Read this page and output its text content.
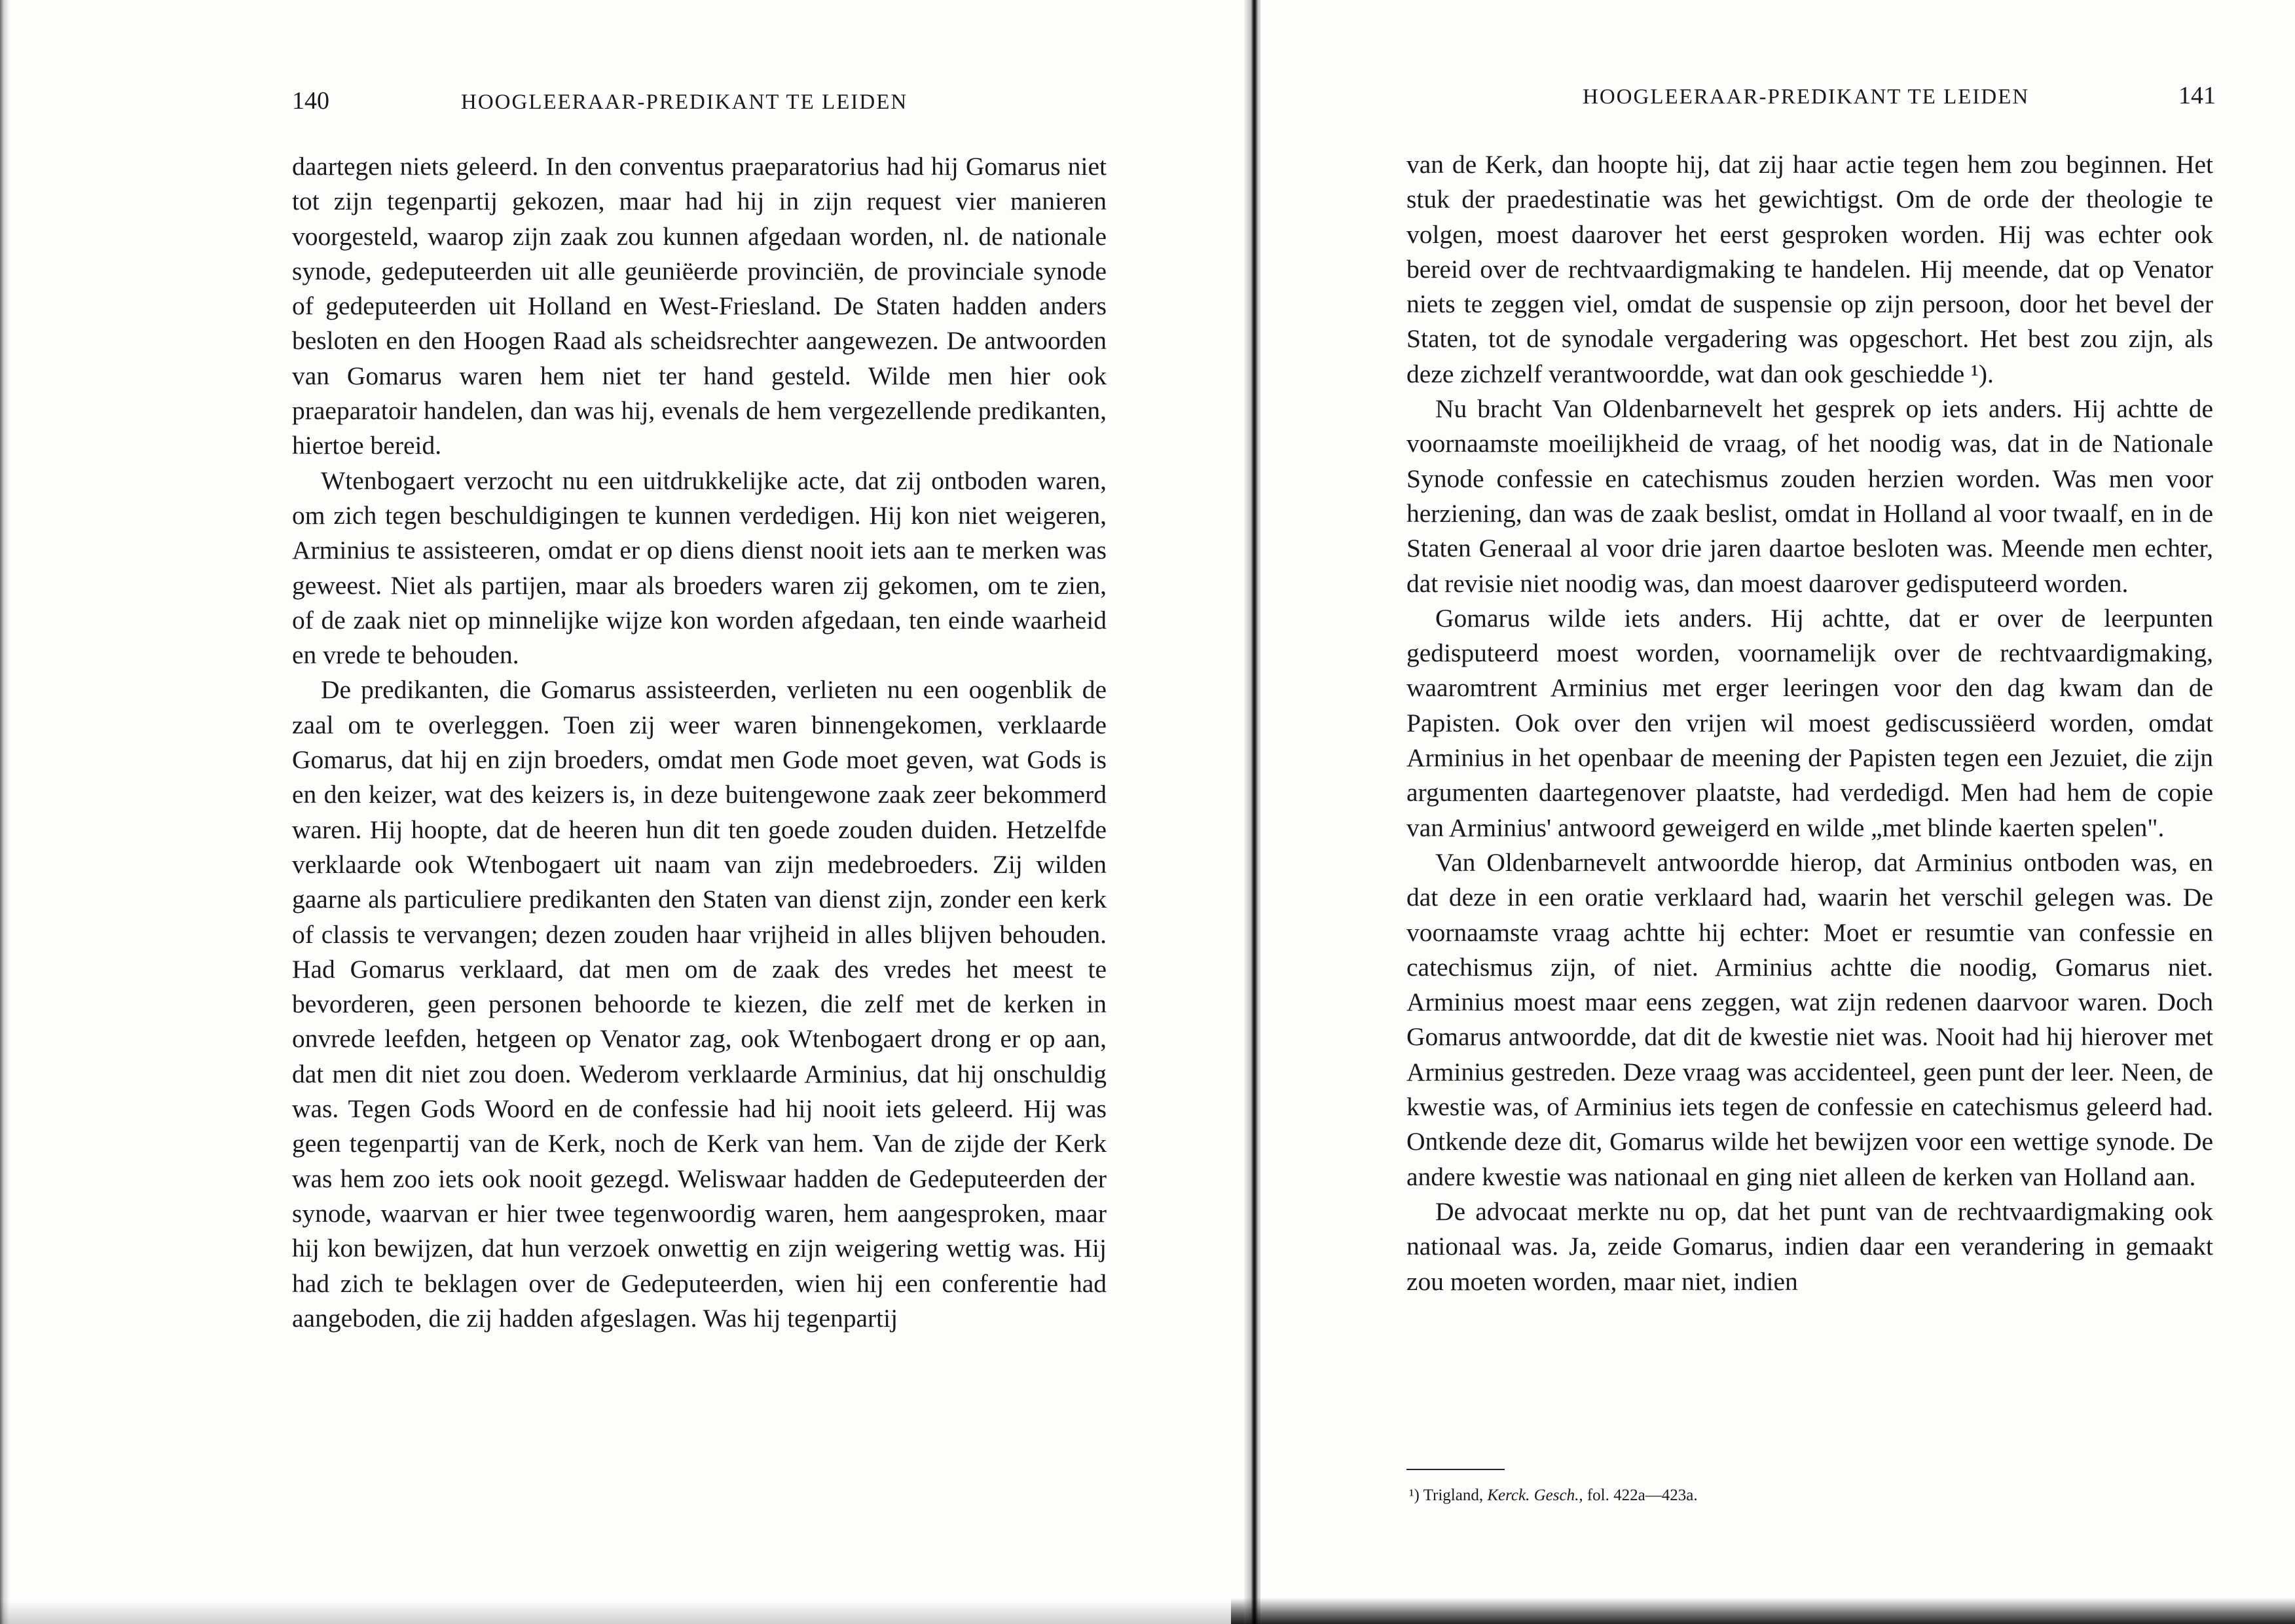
140	HOOGLEERAAR-PREDIKANT TE LEIDEN

daartegen niets geleerd. In den conventus praeparatorius had hij Gomarus niet tot zijn tegenpartij gekozen, maar had hij in zijn request vier manieren voorgesteld, waarop zijn zaak zou kunnen afgedaan worden, nl. de nationale synode, gedeputeerden uit alle geuniëerde provinciën, de provinciale synode of gedeputeerden uit Holland en West-Friesland. De Staten hadden anders besloten en den Hoogen Raad als scheidsrechter aangewezen. De antwoorden van Gomarus waren hem niet ter hand gesteld. Wilde men hier ook praeparatoir handelen, dan was hij, evenals de hem vergezellende predikanten, hiertoe bereid.

Wtenbogaert verzocht nu een uitdrukkelijke acte, dat zij ontboden waren, om zich tegen beschuldigingen te kunnen verdedigen. Hij kon niet weigeren, Arminius te assisteeren, omdat er op diens dienst nooit iets aan te merken was geweest. Niet als partijen, maar als broeders waren zij gekomen, om te zien, of de zaak niet op minnelijke wijze kon worden afgedaan, ten einde waarheid en vrede te behouden.

De predikanten, die Gomarus assisteerden, verlieten nu een oogenblik de zaal om te overleggen. Toen zij weer waren binnengekomen, verklaarde Gomarus, dat hij en zijn broeders, omdat men Gode moet geven, wat Gods is en den keizer, wat des keizers is, in deze buitengewone zaak zeer bekommerd waren. Hij hoopte, dat de heeren hun dit ten goede zouden duiden. Hetzelfde verklaarde ook Wtenbogaert uit naam van zijn medebroeders. Zij wilden gaarne als particuliere predikanten den Staten van dienst zijn, zonder een kerk of classis te vervangen; dezen zouden haar vrijheid in alles blijven behouden. Had Gomarus verklaard, dat men om de zaak des vredes het meest te bevorderen, geen personen behoorde te kiezen, die zelf met de kerken in onvrede leefden, hetgeen op Venator zag, ook Wtenbogaert drong er op aan, dat men dit niet zou doen. Wederom verklaarde Arminius, dat hij onschuldig was. Tegen Gods Woord en de confessie had hij nooit iets geleerd. Hij was geen tegenpartij van de Kerk, noch de Kerk van hem. Van de zijde der Kerk was hem zoo iets ook nooit gezegd. Weliswaar hadden de Gedeputeerden der synode, waarvan er hier twee tegenwoordig waren, hem aangesproken, maar hij kon bewijzen, dat hun verzoek onwettig en zijn weigering wettig was. Hij had zich te beklagen over de Gedeputeerden, wien hij een conferentie had aangeboden, die zij hadden afgeslagen. Was hij tegenpartij

HOOGLEERAAR-PREDIKANT TE LEIDEN	141

van de Kerk, dan hoopte hij, dat zij haar actie tegen hem zou beginnen. Het stuk der praedestinatie was het gewichtigst. Om de orde der theologie te volgen, moest daarover het eerst gesproken worden. Hij was echter ook bereid over de rechtvaardigmaking te handelen. Hij meende, dat op Venator niets te zeggen viel, omdat de suspensie op zijn persoon, door het bevel der Staten, tot de synodale vergadering was opgeschort. Het best zou zijn, als deze zichzelf verantwoordde, wat dan ook geschiedde ¹).

Nu bracht Van Oldenbarnevelt het gesprek op iets anders. Hij achtte de voornaamste moeilijkheid de vraag, of het noodig was, dat in de Nationale Synode confessie en catechismus zouden herzien worden. Was men voor herziening, dan was de zaak beslist, omdat in Holland al voor twaalf, en in de Staten Generaal al voor drie jaren daartoe besloten was. Meende men echter, dat revisie niet noodig was, dan moest daarover gedisputeerd worden.

Gomarus wilde iets anders. Hij achtte, dat er over de leerpunten gedisputeerd moest worden, voornamelijk over de rechtvaardigmaking, waaromtrent Arminius met erger leeringen voor den dag kwam dan de Papisten. Ook over den vrijen wil moest gediscussiëerd worden, omdat Arminius in het openbaar de meening der Papisten tegen een Jezuiet, die zijn argumenten daartegenover plaatste, had verdedigd. Men had hem de copie van Arminius' antwoord geweigerd en wilde „met blinde kaerten spelen".

Van Oldenbarnevelt antwoordde hierop, dat Arminius ontboden was, en dat deze in een oratie verklaard had, waarin het verschil gelegen was. De voornaamste vraag achtte hij echter: Moet er resumtie van confessie en catechismus zijn, of niet. Arminius achtte die noodig, Gomarus niet. Arminius moest maar eens zeggen, wat zijn redenen daarvoor waren. Doch Gomarus antwoordde, dat dit de kwestie niet was. Nooit had hij hierover met Arminius gestreden. Deze vraag was accidenteel, geen punt der leer. Neen, de kwestie was, of Arminius iets tegen de confessie en catechismus geleerd had. Ontkende deze dit, Gomarus wilde het bewijzen voor een wettige synode. De andere kwestie was nationaal en ging niet alleen de kerken van Holland aan.

De advocaat merkte nu op, dat het punt van de rechtvaardigmaking ook nationaal was. Ja, zeide Gomarus, indien daar een verandering in gemaakt zou moeten worden, maar niet, indien

¹) Trigland, Kerck. Gesch., fol. 422a—423a.
